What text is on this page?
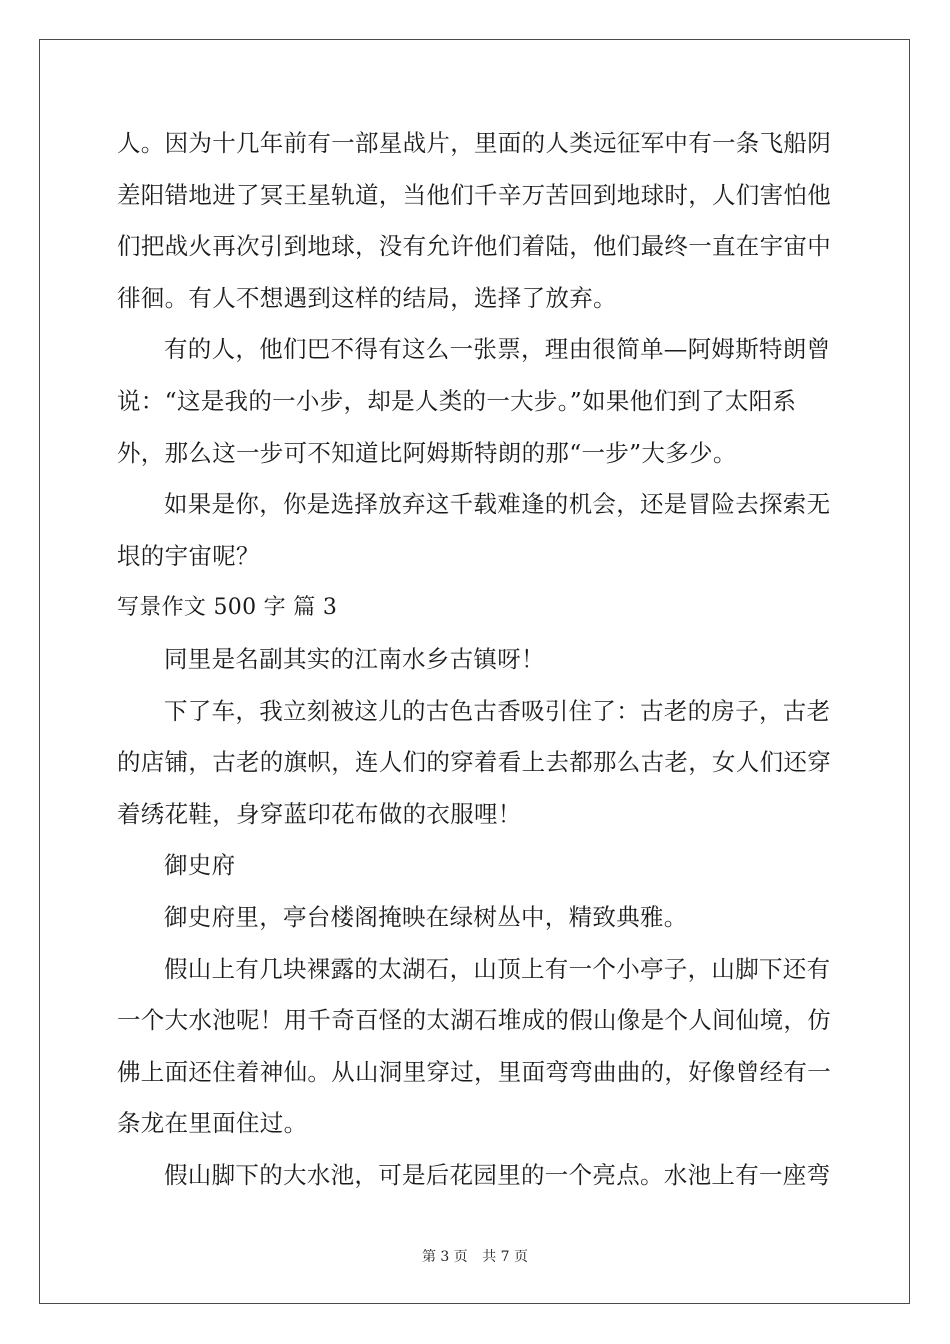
人。因为十几年前有一部星战片，里面的人类远征军中有一条飞船阴
差阳错地进了冥王星轨道，当他们千辛万苦回到地球时，人们害怕他
们把战火再次引到地球，没有允许他们着陆，他们最终一直在宇宙中
徘徊。有人不想遇到这样的结局，选择了放弃。
有的人，他们巴不得有这么一张票，理由很简单—阿姆斯特朗曾
说：“这是我的一小步，却是人类的一大步。”如果他们到了太阳系
外，那么这一步可不知道比阿姆斯特朗的那“一步”大多少。
如果是你，你是选择放弃这千载难逢的机会，还是冒险去探索无
垠的宇宙呢？
写景作文 500 字 篇 3
同里是名副其实的江南水乡古镇呀！
下了车，我立刻被这儿的古色古香吸引住了：古老的房子，古老
的店铺，古老的旗帜，连人们的穿着看上去都那么古老，女人们还穿
着绣花鞋，身穿蓝印花布做的衣服哩！
御史府
御史府里，亭台楼阁掩映在绿树丛中，精致典雅。
假山上有几块裸露的太湖石，山顶上有一个小亭子，山脚下还有
一个大水池呢！用千奇百怪的太湖石堆成的假山像是个人间仙境，仿
佛上面还住着神仙。从山洞里穿过，里面弯弯曲曲的，好像曾经有一
条龙在里面住过。
假山脚下的大水池，可是后花园里的一个亮点。水池上有一座弯
第 3 页 共 7 页
